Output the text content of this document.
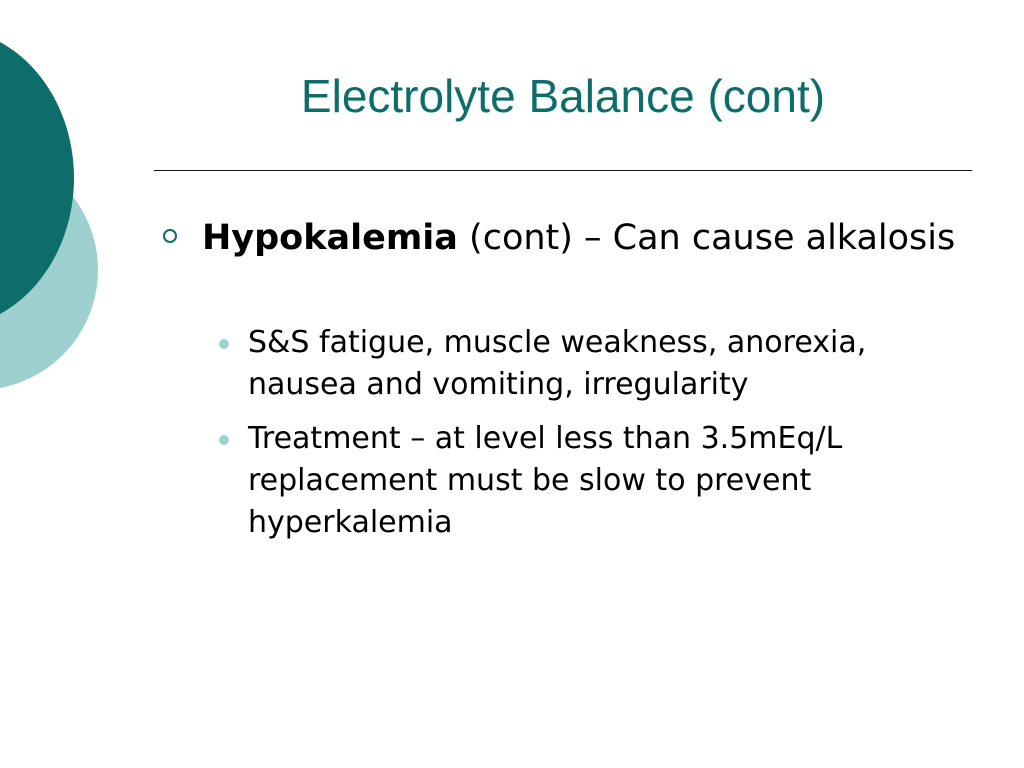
Electrolyte Balance (cont)

Hypokalemia (cont) – Can cause alkalosis

S&S fatigue, muscle weakness, anorexia, nausea and vomiting, irregularity

Treatment – at level less than 3.5mEq/L replacement must be slow to prevent hyperkalemia
